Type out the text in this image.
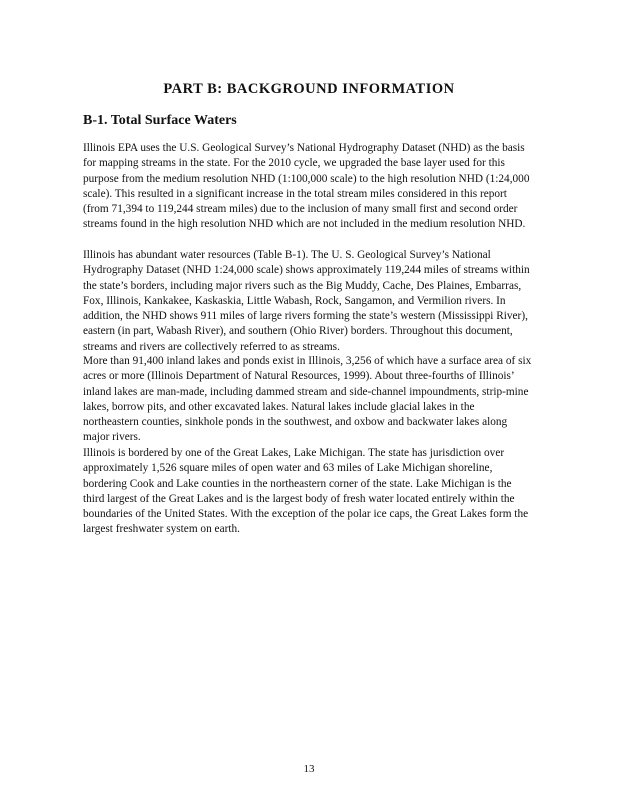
PART B: BACKGROUND INFORMATION
B-1. Total Surface Waters

Illinois EPA uses the U.S. Geological Survey’s National Hydrography Dataset (NHD) as the basis for mapping streams in the state. For the 2010 cycle, we upgraded the base layer used for this purpose from the medium resolution NHD (1:100,000 scale) to the high resolution NHD (1:24,000 scale). This resulted in a significant increase in the total stream miles considered in this report (from 71,394 to 119,244 stream miles) due to the inclusion of many small first and second order streams found in the high resolution NHD which are not included in the medium resolution NHD.

Illinois has abundant water resources (Table B-1). The U. S. Geological Survey’s National Hydrography Dataset (NHD 1:24,000 scale) shows approximately 119,244 miles of streams within the state’s borders, including major rivers such as the Big Muddy, Cache, Des Plaines, Embarras, Fox, Illinois, Kankakee, Kaskaskia, Little Wabash, Rock, Sangamon, and Vermilion rivers. In addition, the NHD shows 911 miles of large rivers forming the state’s western (Mississippi River), eastern (in part, Wabash River), and southern (Ohio River) borders. Throughout this document, streams and rivers are collectively referred to as streams.

More than 91,400 inland lakes and ponds exist in Illinois, 3,256 of which have a surface area of six acres or more (Illinois Department of Natural Resources, 1999). About three-fourths of Illinois’ inland lakes are man-made, including dammed stream and side-channel impoundments, strip-mine lakes, borrow pits, and other excavated lakes. Natural lakes include glacial lakes in the northeastern counties, sinkhole ponds in the southwest, and oxbow and backwater lakes along major rivers.

Illinois is bordered by one of the Great Lakes, Lake Michigan. The state has jurisdiction over approximately 1,526 square miles of open water and 63 miles of Lake Michigan shoreline, bordering Cook and Lake counties in the northeastern corner of the state. Lake Michigan is the third largest of the Great Lakes and is the largest body of fresh water located entirely within the boundaries of the United States. With the exception of the polar ice caps, the Great Lakes form the largest freshwater system on earth.

13
